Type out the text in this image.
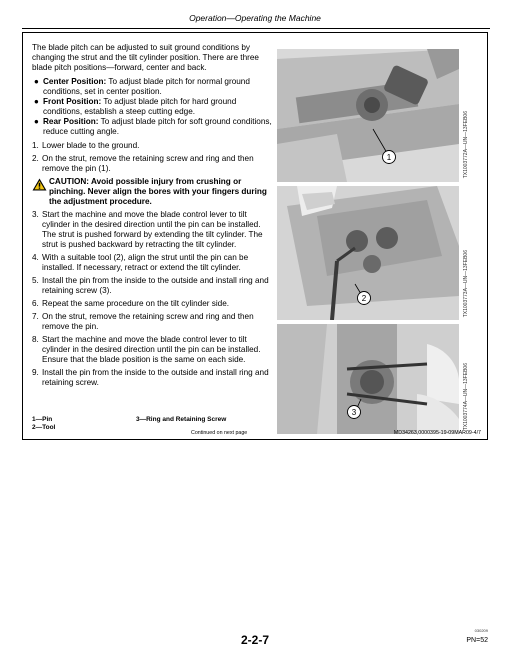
Operation—Operating the Machine

The blade pitch can be adjusted to suit ground conditions by changing the strut and the tilt cylinder position. There are three blade pitch positions—forward, center and back.

● Center Position: To adjust blade pitch for normal ground conditions, set in center position.
● Front Position: To adjust blade pitch for hard ground conditions, establish a steep cutting edge.
● Rear Position: To adjust blade pitch for soft ground conditions, reduce cutting angle.
1. Lower blade to the ground.
2. On the strut, remove the retaining screw and ring and then remove the pin (1).
CAUTION: Avoid possible injury from crushing or pinching. Never align the bores with your fingers during the adjustment procedure.
3. Start the machine and move the blade control lever to tilt cylinder in the desired direction until the pin can be installed. The strut is pushed forward by extending the tilt cylinder. The strut is pushed backward by retracting the tilt cylinder.
4. With a suitable tool (2), align the strut until the pin can be installed. If necessary, retract or extend the tilt cylinder.
5. Install the pin from the inside to the outside and install ring and retaining screw (3).
6. Repeat the same procedure on the tilt cylinder side.
7. On the strut, remove the retaining screw and ring and then remove the pin.
8. Start the machine and move the blade control lever to tilt cylinder in the desired direction until the pin can be installed. Ensure that the blade position is the same on each side.
9. Install the pin from the inside to the outside and install ring and retaining screw.
1
2
3
TX1003772A—UN—13FEB06
TX1003773A—UN—13FEB06
TX1003774A—UN—13FEB06
1—Pin
2—Tool
3—Ring and Retaining Screw
Continued on next page	MD34263,0000395-19-09MAR09-4/7
2-2-7
030209
PN=52
